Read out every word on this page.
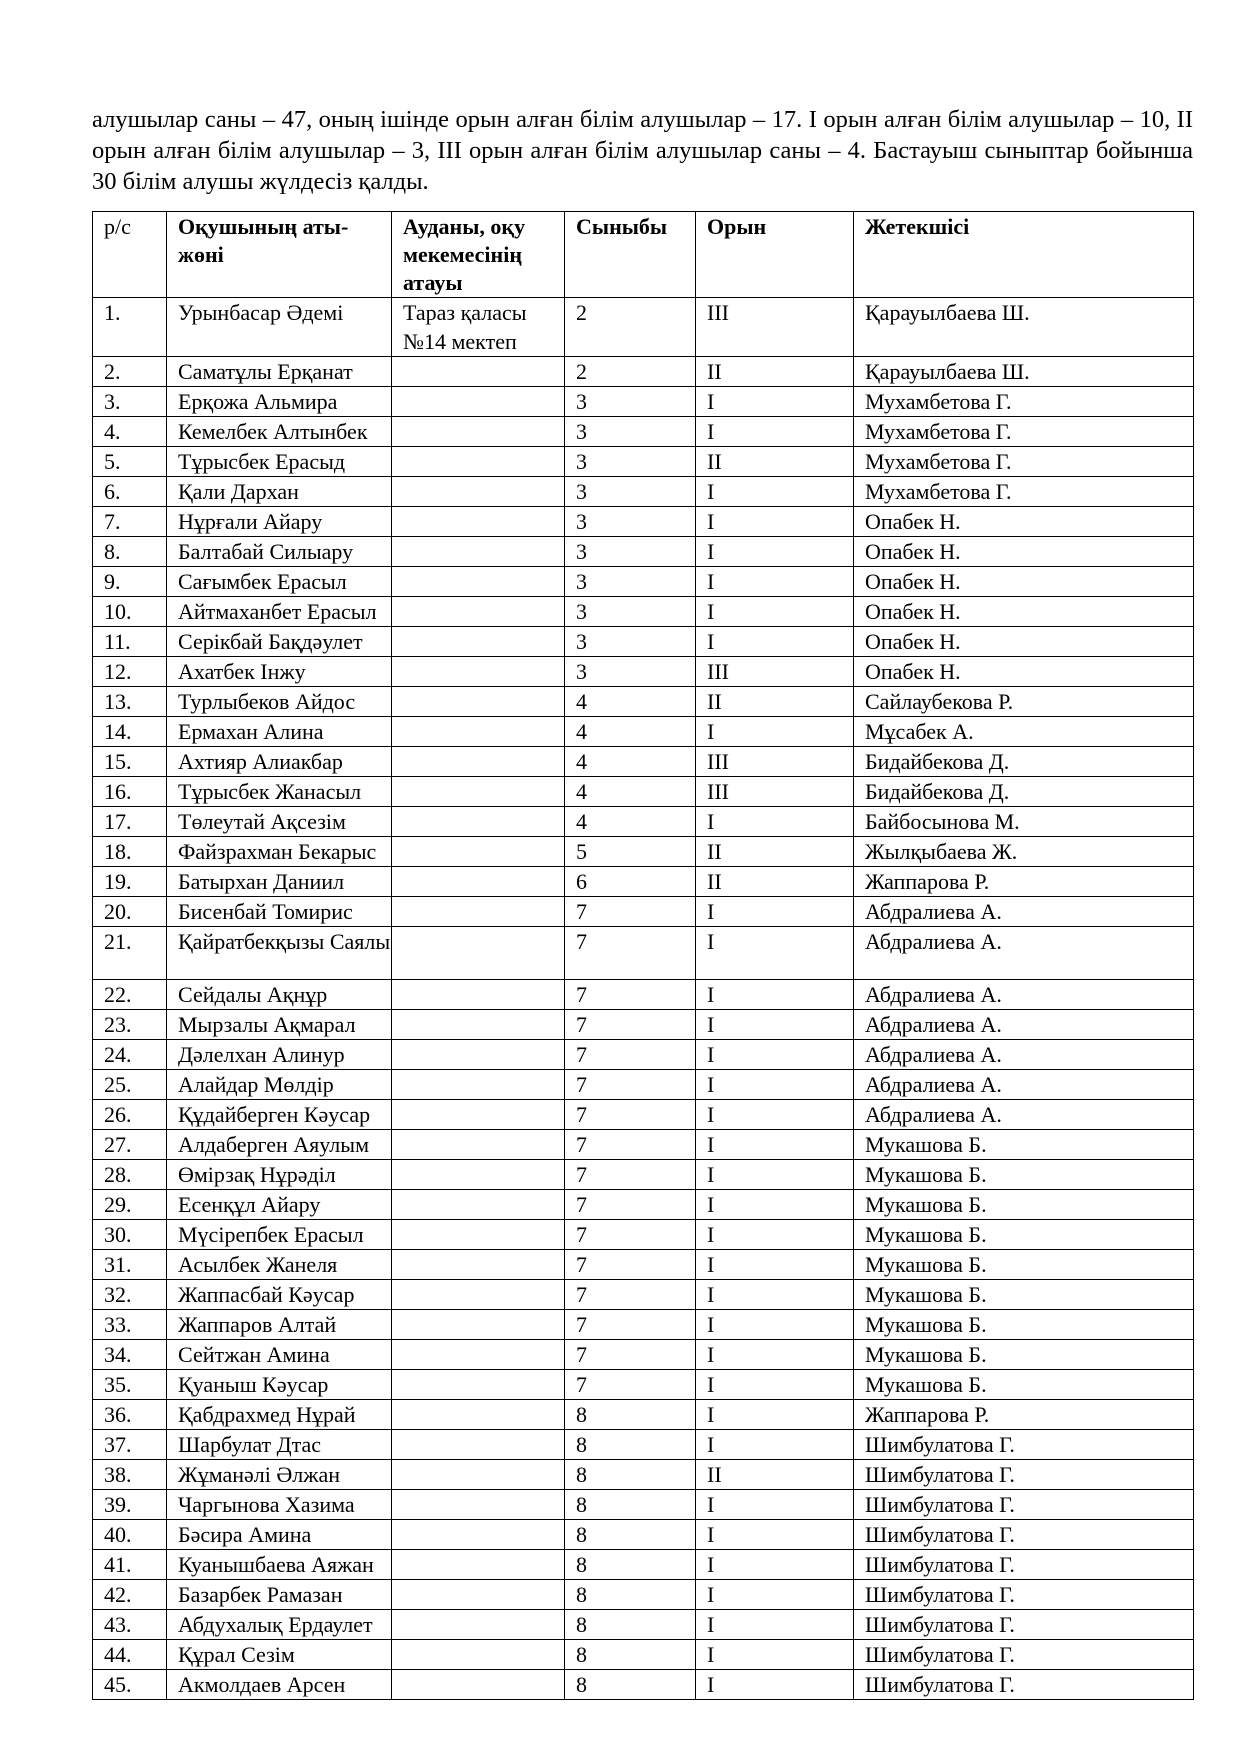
алушылар саны – 47, оның ішінде орын алған білім алушылар – 17. І орын алған білім алушылар – 10, ІІ орын алған білім алушылар – 3, ІІІ орын алған білім алушылар саны – 4. Бастауыш сыныптар бойынша 30 білім алушы жүлдесіз қалды.

р/с	Оқушының аты-жөні	Ауданы, оқу мекемесінің атауы	Сыныбы	Орын	Жетекшісі
1.	Урынбасар Әдемі	Тараз қаласы №14 мектеп	2	ІІІ	Қарауылбаева Ш.
2.	Саматұлы Ерқанат		2	ІІ	Қарауылбаева Ш.
3.	Ерқожа Альмира		3	І	Мухамбетова Г.
4.	Кемелбек Алтынбек		3	І	Мухамбетова Г.
5.	Тұрысбек Ерасыд		3	ІІ	Мухамбетова Г.
6.	Қали Дархан		3	І	Мухамбетова Г.
7.	Нұрғали Айару		3	І	Опабек Н.
8.	Балтабай Силыару		3	І	Опабек Н.
9.	Сағымбек Ерасыл		3	І	Опабек Н.
10.	Айтмаханбет Ерасыл		3	І	Опабек Н.
11.	Серікбай Бақдәулет		3	І	Опабек Н.
12.	Ахатбек Інжу		3	ІІІ	Опабек Н.
13.	Турлыбеков Айдос		4	ІІ	Сайлаубекова Р.
14.	Ермахан Алина		4	І	Мұсабек А.
15.	Ахтияр Алиакбар		4	ІІІ	Бидайбекова Д.
16.	Тұрысбек Жанасыл		4	ІІІ	Бидайбекова Д.
17.	Төлеутай Ақсезім		4	І	Байбосынова М.
18.	Файзрахман Бекарыс		5	ІІ	Жылқыбаева Ж.
19.	Батырхан Даниил		6	ІІ	Жаппарова Р.
20.	Бисенбай Томирис		7	І	Абдралиева А.
21.	Қайратбекқызы Саялы		7	І	Абдралиева А.
22.	Сейдалы Ақнұр		7	І	Абдралиева А.
23.	Мырзалы Ақмарал		7	І	Абдралиева А.
24.	Дәлелхан Алинур		7	І	Абдралиева А.
25.	Алайдар Мөлдір		7	І	Абдралиева А.
26.	Құдайберген Кәусар		7	І	Абдралиева А.
27.	Алдаберген Аяулым		7	І	Мукашова Б.
28.	Өмірзақ Нұрәділ		7	І	Мукашова Б.
29.	Есенқұл Айару		7	І	Мукашова Б.
30.	Мүсірепбек Ерасыл		7	І	Мукашова Б.
31.	Асылбек Жанеля		7	І	Мукашова Б.
32.	Жаппасбай Кәусар		7	І	Мукашова Б.
33.	Жаппаров Алтай		7	І	Мукашова Б.
34.	Сейтжан Амина		7	І	Мукашова Б.
35.	Қуаныш Кәусар		7	І	Мукашова Б.
36.	Қабдрахмед Нұрай		8	І	Жаппарова Р.
37.	Шарбулат Дтас		8	І	Шимбулатова Г.
38.	Жұманәлі Әлжан		8	ІІ	Шимбулатова Г.
39.	Чаргынова Хазима		8	І	Шимбулатова Г.
40.	Бәсира Амина		8	І	Шимбулатова Г.
41.	Куанышбаева Аяжан		8	І	Шимбулатова Г.
42.	Базарбек Рамазан		8	І	Шимбулатова Г.
43.	Абдухалық Ердаулет		8	І	Шимбулатова Г.
44.	Құрал Сезім		8	І	Шимбулатова Г.
45.	Акмолдаев Арсен		8	І	Шимбулатова Г.
